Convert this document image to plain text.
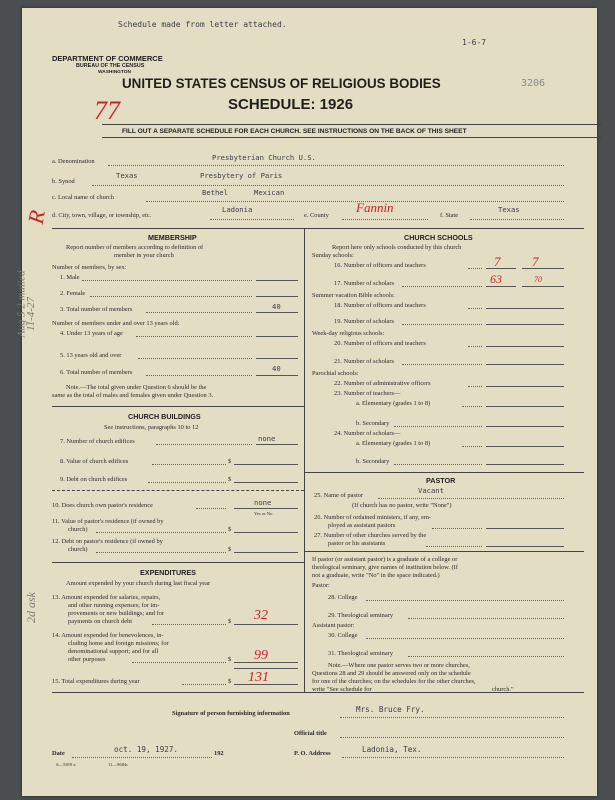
Schedule made from letter attached.
1-6-7
DEPARTMENT OF COMMERCE
BUREAU OF THE CENSUS
WASHINGTON
UNITED STATES CENSUS OF RELIGIOUS BODIES	3206
77	SCHEDULE: 1926
FILL OUT A SEPARATE SCHEDULE FOR EACH CHURCH. SEE INSTRUCTIONS ON THE BACK OF THIS SHEET
a. Denomination	Presbyterian Church U.S.
b. Synod
Texas	Presbytery of Paris
c. Local name of church
Bethel	Mexican
d. City, town, village, or township, etc.
Ladonia
e. County
Fannin
f. State
Texas
R
Aug 5 2 mailed
11-4-27
2d ask
MEMBERSHIP
Report number of members according to definition of
member in your church
Number of members, by sex:
1. Male
2. Female
3. Total number of members	40
Number of members under and over 13 years old:
4. Under 13 years of age
5. 13 years old and over
6. Total number of members	40
Note.—The total given under Question 6 should be the
same as the total of males and females given under Question 3.
CHURCH BUILDINGS
See instructions, paragraphs 10 to 12
7. Number of church edifices	none
8. Value of church edifices	$
9. Debt on church edifices	$
10. Does church own pastor's residence	none
Yes or No
11. Value of pastor's residence (if owned by
church)	$
12. Debt on pastor's residence (if owned by
church)	$
EXPENDITURES
Amount expended by your church during last fiscal year
13. Amount expended for salaries, repairs,
and other running expenses; for im-
provements or new buildings; and for
payments on church debt	$ 32
14. Amount expended for benevolences, in-
cluding home and foreign missions; for
denominational support; and for all
other purposes	$ 99
15. Total expenditures during year	$ 131
CHURCH SCHOOLS
Report here only schools conducted by this church
Sunday schools:
16. Number of officers and teachers	7 7
17. Number of scholars	63	70
Summer vacation Bible schools:
18. Number of officers and teachers
19. Number of scholars
Week-day religious schools:
20. Number of officers and teachers
21. Number of scholars
Parochial schools:
22. Number of administrative officers
23. Number of teachers—
a. Elementary (grades 1 to 8)
b. Secondary
24. Number of scholars—
a. Elementary (grades 1 to 8)
b. Secondary
PASTOR
25. Name of pastor
Vacant
(If church has no pastor, write "None")
26. Number of ordained ministers, if any, em-
ployed as assistant pastors
27. Number of other churches served by the
pastor or his assistants
If pastor (or assistant pastor) is a graduate of a college or
theological seminary, give names of institution below. (If
not a graduate, write "No" in the space indicated.)
Pastor:
28. College
29. Theological seminary
Assistant pastor:
30. College
31. Theological seminary
Note.—Where one pastor serves two or more churches,
Questions 28 and 29 should be answered only on the schedule
for one of the churches; on the schedules for the other churches,
write "See schedule for	church."
Signature of person furnishing information	Mrs. Bruce Fry.
Official title
Date	oct. 19, 1927.	192	P. O. Address	Ladonia, Tex.
S—5819 a	11—9684c
